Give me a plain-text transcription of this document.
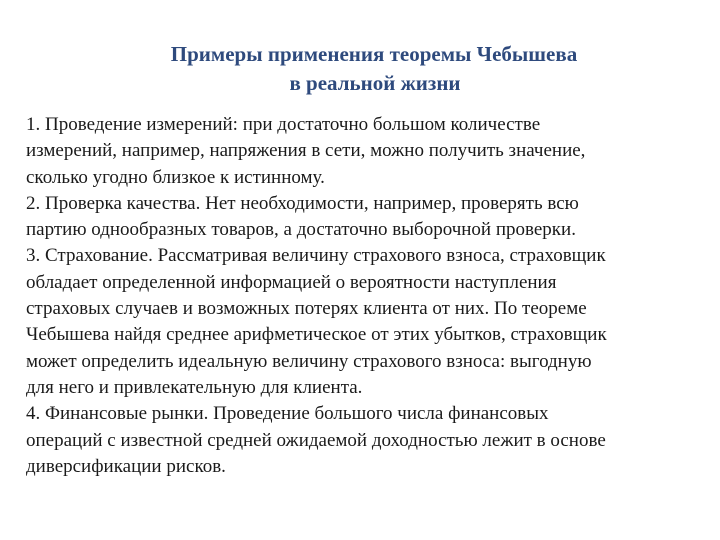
Примеры применения теоремы Чебышева
в реальной жизни
1. Проведение измерений: при достаточно большом количестве
измерений, например, напряжения в сети, можно получить значение,
сколько угодно близкое к истинному.
2. Проверка качества. Нет необходимости, например, проверять всю
партию однообразных товаров, а достаточно выборочной проверки.
3. Страхование. Рассматривая величину страхового взноса, страховщик
обладает определенной информацией о вероятности наступления
страховых случаев и возможных потерях клиента от них. По теореме
Чебышева найдя среднее арифметическое от этих убытков, страховщик
может определить идеальную величину страхового взноса: выгодную
для него и привлекательную для клиента.
4. Финансовые рынки. Проведение большого числа финансовых
операций с известной средней ожидаемой доходностью лежит в основе
диверсификации рисков.
